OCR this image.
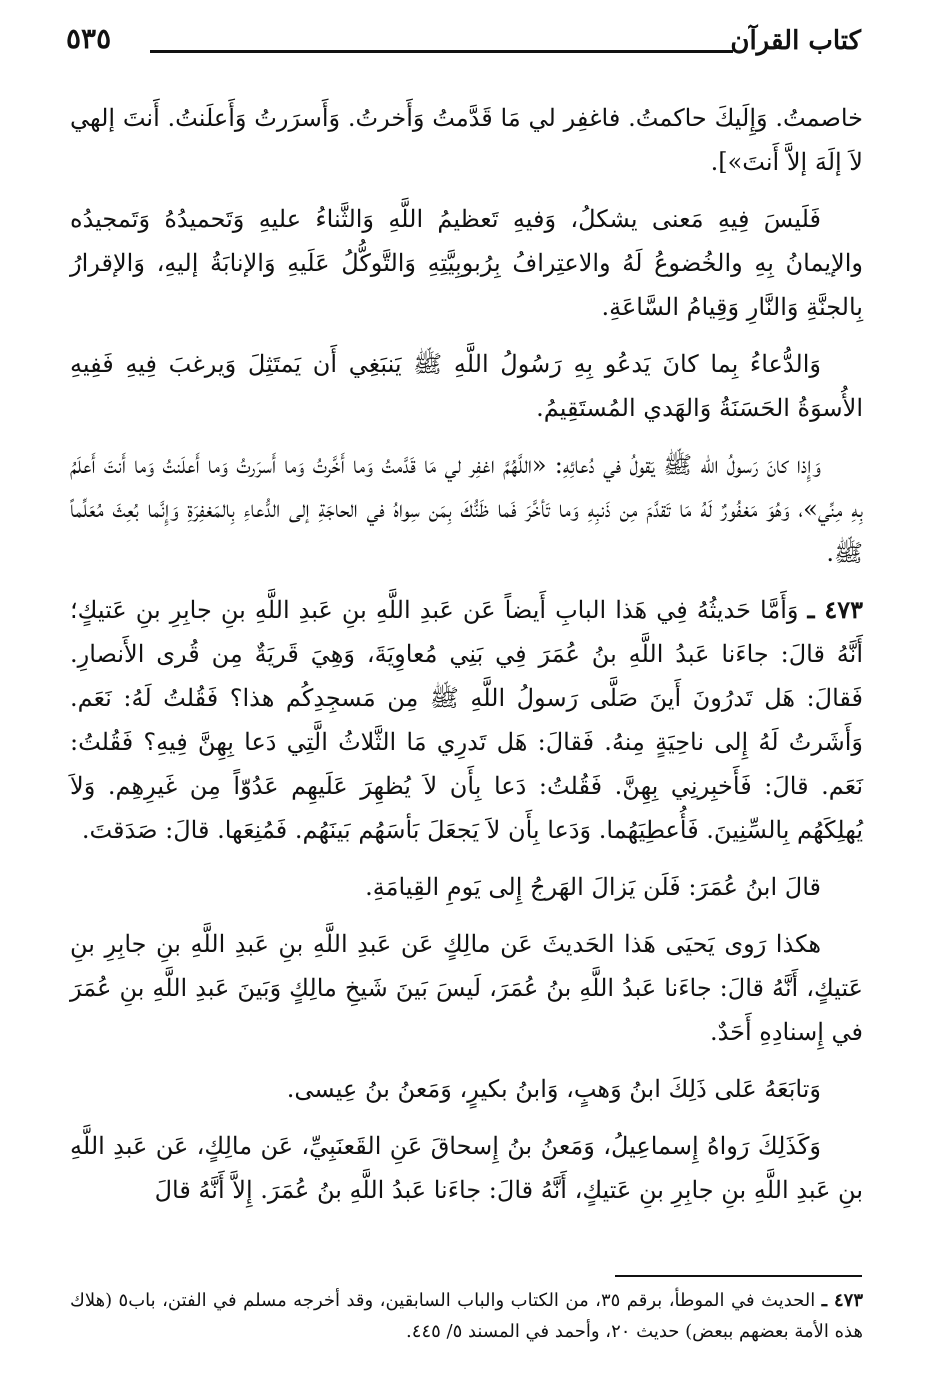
كتاب القرآن
٥٣٥

خاصمتُ. وَإِلَيكَ حاكمتُ. فاغفِر لي مَا قَدَّمتُ وَأَخرتُ. وَأَسرَرتُ وَأَعلَنتُ. أَنتَ إلهي لاَ إلَهَ إلاَّ أَنتَ»].

فَلَيسَ فِيهِ مَعنى يشكلُ، وَفيهِ تَعظيمُ اللَّهِ وَالثَّناءُ عليهِ وَتَحميدُهُ وَتَمجيدُه والإيمانُ بِهِ والخُضوعُ لَهُ والاعتِرافُ بِرُبوبِيَّتِهِ وَالتَّوكُّلُ عَلَيهِ وَالإنابَةُ إليهِ، وَالإقرارُ بِالجنَّةِ وَالنَّارِ وَقِيامُ السَّاعَةِ.

وَالدُّعاءُ بِما كانَ يَدعُو بِهِ رَسُولُ اللَّهِ ﷺ يَنبَغِي أَن يَمتَثِلَ وَيرغبَ فِيهِ فَفِيهِ الأُسوَةُ الحَسَنَةُ وَالهَدي المُستَقِيمُ.

وَإِذا كانَ رَسولُ الله ﷺ يَقولُ في دُعائِهِ: «اللَّهُمَّ اغفِر لي مَا قَدَّمتُ وَما أَخَّرتُ وَما أَسرَرتُ وَما أَعلَنتُ وَما أَنتَ أَعلَمُ بِهِ مِنِّي»، وَهُوَ مَغفُورٌ لَهُ مَا تَقدَّمَ مِن ذَنبِهِ وَما تَأخَّرَ فَما ظَنُّكَ بِمَن سِواهُ في الحاجَةِ إلى الدُّعاءِ بِالمَغفِرَةِ وَإِنَّما بُعِثَ مُعَلِّماً ﷺ.

٤٧٣ ـ وَأَمَّا حَديثُهُ فِي هَذا البابِ أَيضاً عَن عَبدِ اللَّهِ بنِ عَبدِ اللَّهِ بنِ جابِرِ بنِ عَتيكٍ؛ أَنَّهُ قالَ: جاءَنا عَبدُ اللَّهِ بنُ عُمَرَ فِي بَنِي مُعاوِيَةَ، وَهِيَ قَريَةٌ مِن قُرى الأَنصارِ. فَقالَ: هَل تَدرُونَ أَينَ صَلَّى رَسولُ اللَّهِ ﷺ مِن مَسجِدِكُم هذا؟ فَقُلتُ لَهُ: نَعَم. وَأَشَرتُ لَهُ إِلى ناحِيَةٍ مِنهُ. فَقالَ: هَل تَدرِي مَا الثَّلاثُ الَّتِي دَعا بِهِنَّ فِيهِ؟ فَقُلتُ: نَعَم. قالَ: فَأَخبِرنِي بِهِنَّ. فَقُلتُ: دَعا بِأَن لاَ يُظهِرَ عَلَيهِم عَدُوّاً مِن غَيرِهِم. وَلاَ يُهلِكَهُم بِالسِّنِينَ. فَأُعطِيَهُما. وَدَعا بِأَن لاَ يَجعَلَ بَأسَهُم بَينَهُم. فَمُنِعَها. قالَ: صَدَقتَ.

قالَ ابنُ عُمَرَ: فَلَن يَزالَ الهَرجُ إِلى يَومِ القِيامَةِ.

هكذا رَوى يَحيَى هَذا الحَديثَ عَن مالِكٍ عَن عَبدِ اللَّهِ بنِ عَبدِ اللَّهِ بنِ جابِرِ بنِ عَتيكٍ، أَنَّهُ قالَ: جاءَنا عَبدُ اللَّهِ بنُ عُمَرَ، لَيسَ بَينَ شَيخِ مالِكٍ وَبَينَ عَبدِ اللَّهِ بنِ عُمَرَ في إِسنادِهِ أَحَدٌ.

وَتابَعَهُ عَلى ذَلِكَ ابنُ وَهبٍ، وَابنُ بكيرٍ، وَمَعنُ بنُ عِيسى.

وَكَذَلِكَ رَواهُ إِسماعِيلُ، وَمَعنُ بنُ إِسحاقَ عَنِ القَعنَبِيِّ، عَن مالِكٍ، عَن عَبدِ اللَّهِ بنِ عَبدِ اللَّهِ بنِ جابِرِ بنِ عَتيكٍ، أَنَّهُ قالَ: جاءَنا عَبدُ اللَّهِ بنُ عُمَرَ. إِلاَّ أَنَّهُ قالَ

٤٧٣ ـ الحديث في الموطأ، برقم ٣٥، من الكتاب والباب السابقين، وقد أخرجه مسلم في الفتن، باب٥ (هلاك هذه الأمة بعضهم ببعض) حديث ٢٠، وأحمد في المسند ٥/ ٤٤٥.
